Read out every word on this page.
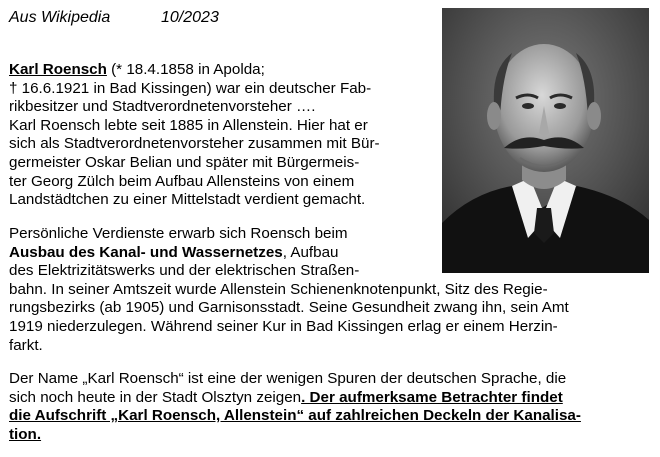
Aus Wikipedia	10/2023
Karl Roensch (* 18.4.1858 in Apolda;
† 16.6.1921 in Bad Kissingen) war ein deutscher Fab-
rikbesitzer und Stadtverordnetenvorsteher ….
Karl Roensch lebte seit 1885 in Allenstein. Hier hat er
sich als Stadtverordnetenvorsteher zusammen mit Bür-
germeister Oskar Belian und später mit Bürgermeis-
ter Georg Zülch beim Aufbau Allensteins von einem
Landstädtchen zu einer Mittelstadt verdient gemacht.
Persönliche Verdienste erwarb sich Roensch beim
Ausbau des Kanal- und Wassernetzes, Aufbau
des Elektrizitätswerks und der elektrischen Straßen-
bahn. In seiner Amtszeit wurde Allenstein Schienenknotenpunkt, Sitz des Regie-
rungsbezirks (ab 1905) und Garnisonsstadt. Seine Gesundheit zwang ihn, sein Amt
1919 niederzulegen. Während seiner Kur in Bad Kissingen erlag er einem Herzin-
farkt.
Der Name „Karl Roensch“ ist eine der wenigen Spuren der deutschen Sprache, die
sich noch heute in der Stadt Olsztyn zeigen. Der aufmerksame Betrachter findet
die Aufschrift „Karl Roensch, Allenstein“ auf zahlreichen Deckeln der Kanalisa-
tion.
